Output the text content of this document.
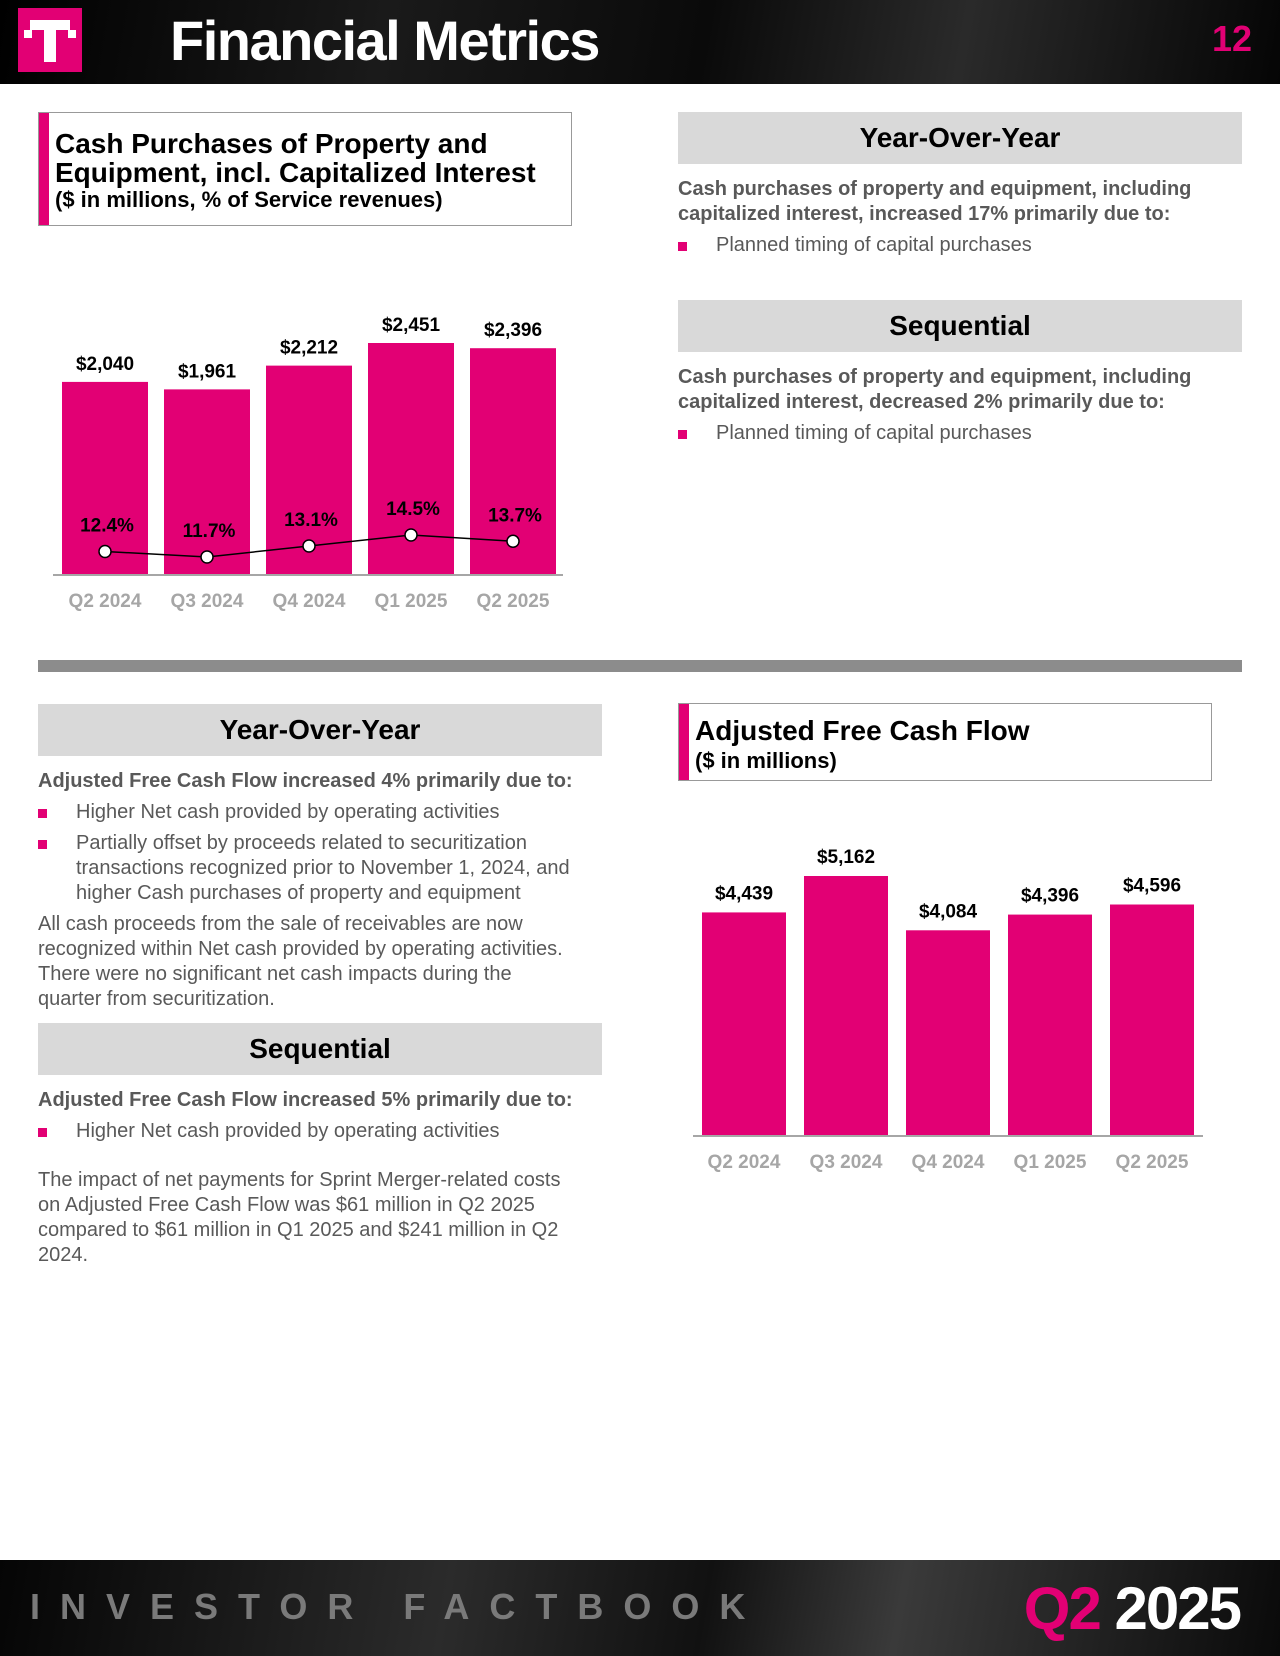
Financial Metrics	12
Cash Purchases of Property and
Equipment, incl. Capitalized Interest
($ in millions, % of Service revenues)
$2,040
Q2 2024
$1,961
Q3 2024
$2,212
Q4 2024
$2,451
Q1 2025
$2,396
Q2 2025
12.4%	11.7%
13.1%
14.5%	13.7%
Year-Over-Year
Cash purchases of property and equipment, including
capitalized interest, increased 17% primarily due to:
Planned timing of capital purchases
Sequential
Cash purchases of property and equipment, including
capitalized interest, decreased 2% primarily due to:
Planned timing of capital purchases
Year-Over-Year
Adjusted Free Cash Flow increased 4% primarily due to:
Higher Net cash provided by operating activities
Partially offset by proceeds related to securitization
transactions recognized prior to November 1, 2024, and
higher Cash purchases of property and equipment
All cash proceeds from the sale of receivables are now
recognized within Net cash provided by operating activities.
There were no significant net cash impacts during the
quarter from securitization.
Sequential
Adjusted Free Cash Flow increased 5% primarily due to:
Higher Net cash provided by operating activities
The impact of net payments for Sprint Merger-related costs
on Adjusted Free Cash Flow was $61 million in Q2 2025
compared to $61 million in Q1 2025 and $241 million in Q2
2024.
Adjusted Free Cash Flow
($ in millions)
$4,439
Q2 2024
$5,162
Q3 2024
$4,084
Q4 2024
$4,396
Q1 2025
$4,596
Q2 2025
INVESTOR FACTBOOK	Q2 2025
